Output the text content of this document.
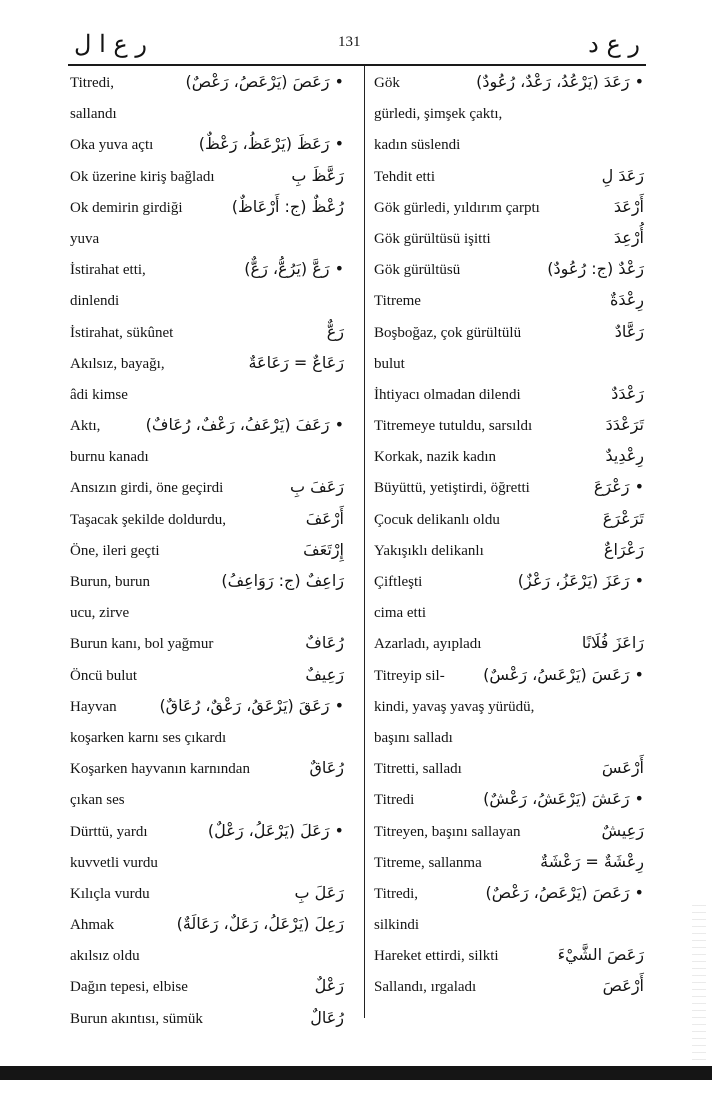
ر ع ا ل	131	ر ع د
Titredi,	• رَعَصَ (يَرْعَصُ، رَعْصٌ)
sallandı
Oka yuva açtı	• رَعَظَ (يَرْعَظُ، رَعْظٌ)
Ok üzerine kiriş bağladı	رَعَّظَ بِ
Ok demirin girdiği	رُعْظٌ (ج: أَرْعَاظٌ)
yuva
İstirahat etti,	• رَعَّ (يَرُعُّ، رَعٌّ)
dinlendi
İstirahat, sükûnet	رَعٌّ
Akılsız, bayağı,	رَعَاعٌ = رَعَاعَةٌ
âdi kimse
Aktı,	• رَعَفَ (يَرْعَفُ، رَعْفٌ، رُعَافٌ)
burnu kanadı
Ansızın girdi, öne geçirdi	رَعَفَ بِ
Taşacak şekilde doldurdu,	أَرْعَفَ
Öne, ileri geçti	إِرْتَعَفَ
Burun, burun	رَاعِفٌ (ج: رَوَاعِفُ)
ucu, zirve
Burun kanı, bol yağmur	رُعَافٌ
Öncü bulut	رَعِيفٌ
Hayvan	• رَعَقَ (يَرْعَقُ، رَعْقٌ، رُعَاقٌ)
koşarken karnı ses çıkardı
Koşarken hayvanın karnından	رُعَاقٌ
çıkan ses
Dürttü, yardı	• رَعَلَ (يَرْعَلُ، رَعْلٌ)
kuvvetli vurdu
Kılıçla vurdu	رَعَلَ بِ
Ahmak	رَعِلَ (يَرْعَلُ، رَعَلٌ، رَعَالَةٌ)
akılsız oldu
Dağın tepesi, elbise	رَعْلٌ
Burun akıntısı, sümük	رُعَالٌ
Gök	• رَعَدَ (يَرْعُدُ، رَعْدٌ، رُعُودٌ)
gürledi, şimşek çaktı,
kadın süslendi
Tehdit etti	رَعَدَ لِ
Gök gürledi, yıldırım çarptı	أَرْعَدَ
Gök gürültüsü işitti	أُرْعِدَ
Gök gürültüsü	رَعْدٌ (ج: رُعُودٌ)
Titreme	رِعْدَةٌ
Boşboğaz, çok gürültülü	رَعَّادٌ
bulut
İhtiyacı olmadan dilendi	رَعْدَدٌ
Titremeye tutuldu, sarsıldı	تَرَعْدَدَ
Korkak, nazik kadın	رِعْدِيدٌ
Büyüttü, yetiştirdi, öğretti	• رَعْرَعَ
Çocuk delikanlı oldu	تَرَعْرَعَ
Yakışıklı delikanlı	رَعْرَاعٌ
Çiftleşti	• رَعَزَ (يَرْعَزُ، رَعْزٌ)
cima etti
Azarladı, ayıpladı	رَاعَزَ فُلَانًا
Titreyip sil-	• رَعَسَ (يَرْعَسُ، رَعْسٌ)
kindi, yavaş yavaş yürüdü,
başını salladı
Titretti, salladı	أَرْعَسَ
Titredi	• رَعَشَ (يَرْعَشُ، رَعْشٌ)
Titreyen, başını sallayan	رَعِيشٌ
Titreme, sallanma	رِعْشَةٌ = رَعْشَةٌ
Titredi,	• رَعَصَ (يَرْعَصُ، رَعْصٌ)
silkindi
Hareket ettirdi, silkti	رَعَصَ الشَّيْءَ
Sallandı, ırgaladı	أَرْعَصَ
